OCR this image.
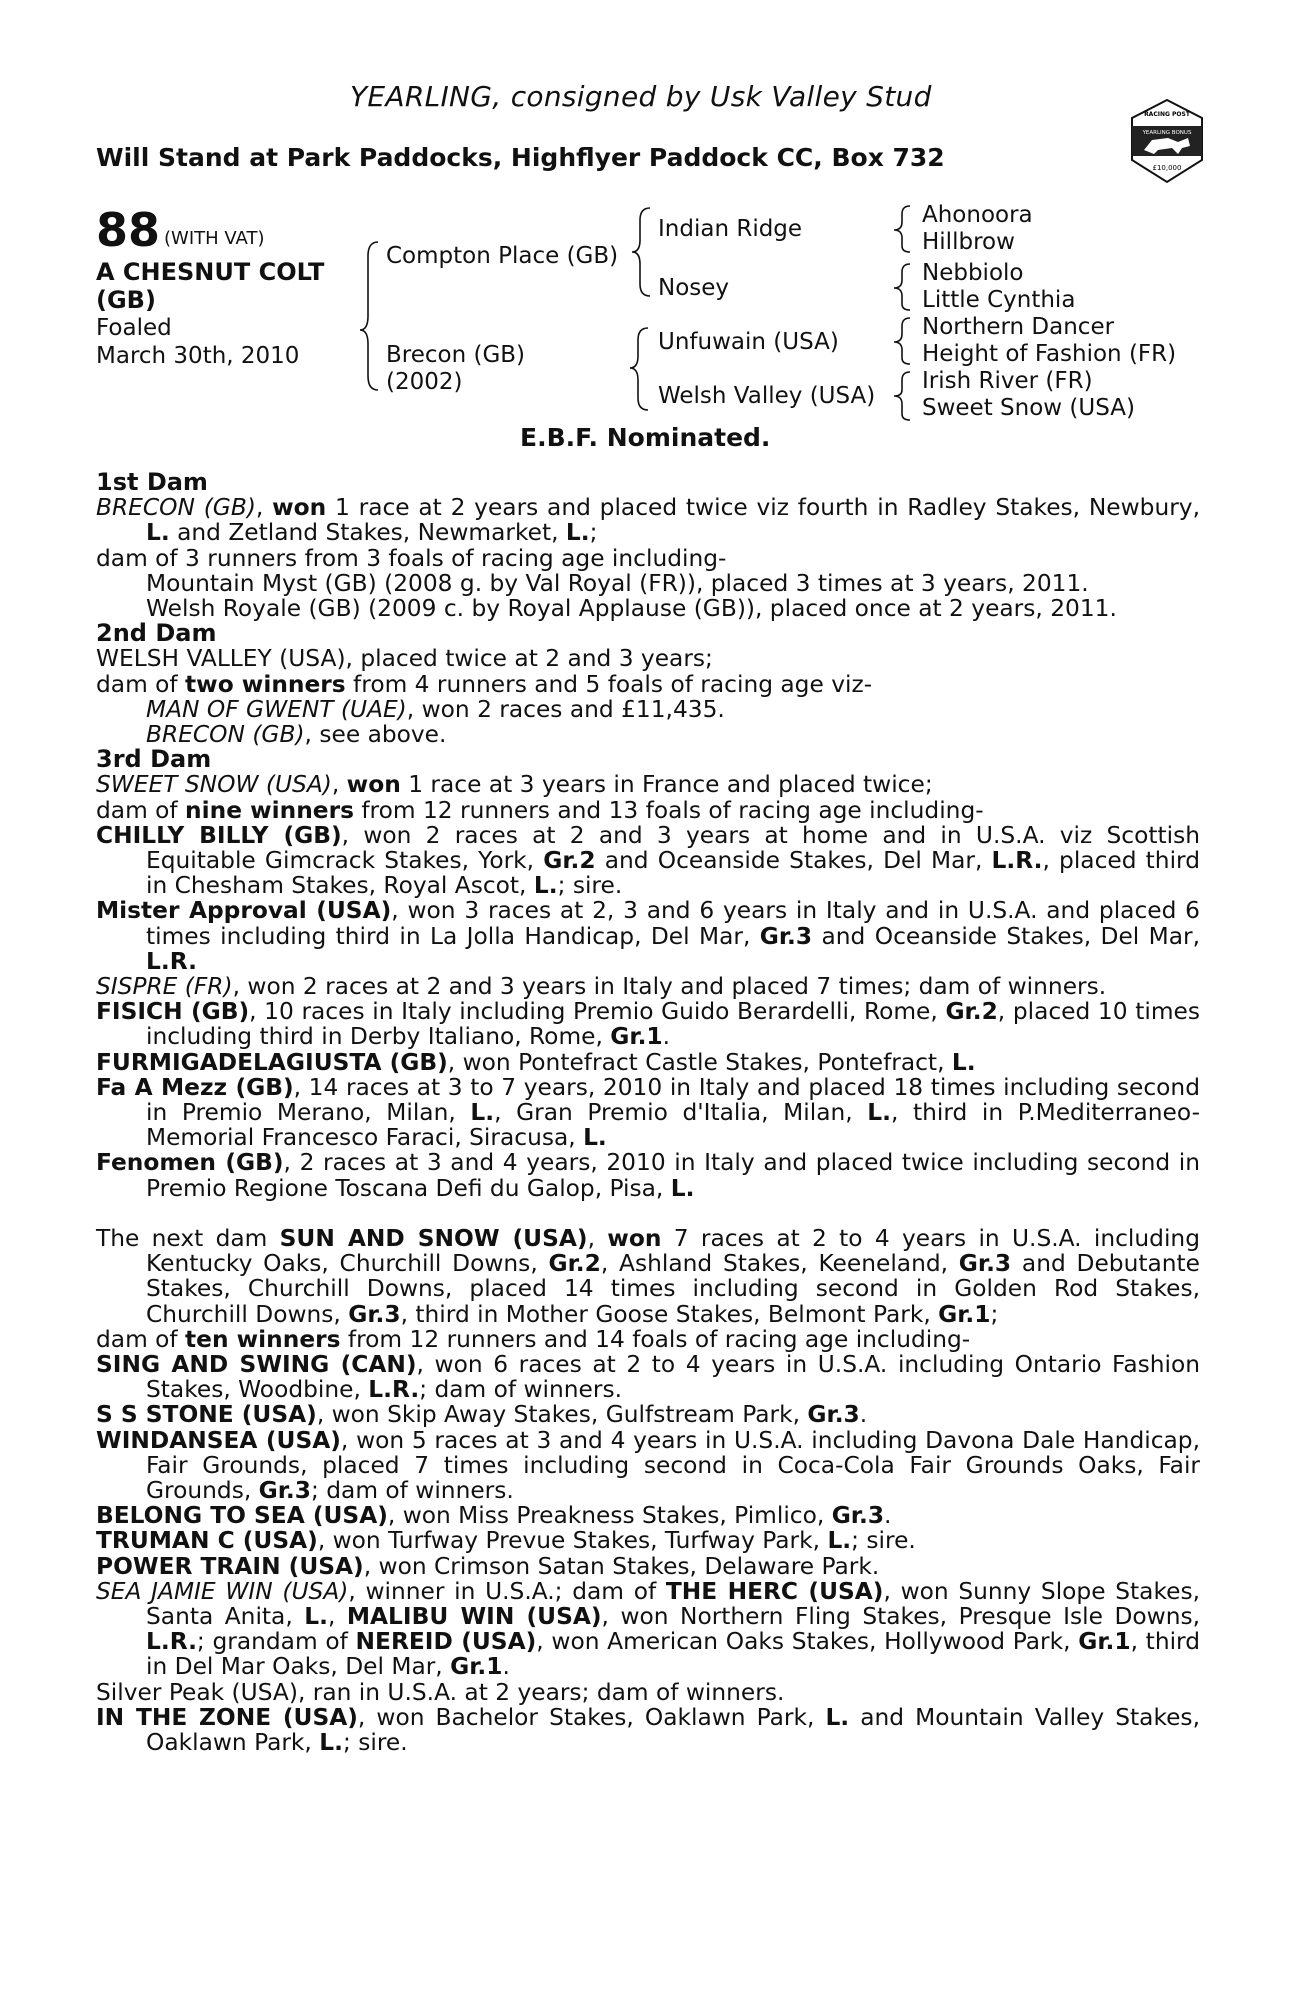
YEARLING, consigned by Usk Valley Stud
Will Stand at Park Paddocks, Highflyer Paddock CC, Box 732
RACING POST
YEARLING BONUS
£10,000
88 (WITH VAT)
A CHESNUT COLT
(GB)
Foaled
March 30th, 2010
Compton Place (GB)
Brecon (GB)
(2002)
Indian Ridge
Nosey
Unfuwain (USA)
Welsh Valley (USA)
Ahonoora
Hillbrow
Nebbiolo
Little Cynthia
Northern Dancer
Height of Fashion (FR)
Irish River (FR)
Sweet Snow (USA)
E.B.F. Nominated.
1st Dam
BRECON (GB), won 1 race at 2 years and placed twice viz fourth in Radley Stakes, Newbury, L. and Zetland Stakes, Newmarket, L.;
dam of 3 runners from 3 foals of racing age including-
Mountain Myst (GB) (2008 g. by Val Royal (FR)), placed 3 times at 3 years, 2011.
Welsh Royale (GB) (2009 c. by Royal Applause (GB)), placed once at 2 years, 2011.
2nd Dam
WELSH VALLEY (USA), placed twice at 2 and 3 years;
dam of two winners from 4 runners and 5 foals of racing age viz-
MAN OF GWENT (UAE), won 2 races and £11,435.
BRECON (GB), see above.
3rd Dam
SWEET SNOW (USA), won 1 race at 3 years in France and placed twice;
dam of nine winners from 12 runners and 13 foals of racing age including-
CHILLY BILLY (GB), won 2 races at 2 and 3 years at home and in U.S.A. viz Scottish Equitable Gimcrack Stakes, York, Gr.2 and Oceanside Stakes, Del Mar, L.R., placed third in Chesham Stakes, Royal Ascot, L.; sire.
Mister Approval (USA), won 3 races at 2, 3 and 6 years in Italy and in U.S.A. and placed 6 times including third in La Jolla Handicap, Del Mar, Gr.3 and Oceanside Stakes, Del Mar, L.R.
SISPRE (FR), won 2 races at 2 and 3 years in Italy and placed 7 times; dam of winners.
FISICH (GB), 10 races in Italy including Premio Guido Berardelli, Rome, Gr.2, placed 10 times including third in Derby Italiano, Rome, Gr.1.
FURMIGADELAGIUSTA (GB), won Pontefract Castle Stakes, Pontefract, L.
Fa A Mezz (GB), 14 races at 3 to 7 years, 2010 in Italy and placed 18 times including second in Premio Merano, Milan, L., Gran Premio d'Italia, Milan, L., third in P.Mediterraneo-Memorial Francesco Faraci, Siracusa, L.
Fenomen (GB), 2 races at 3 and 4 years, 2010 in Italy and placed twice including second in Premio Regione Toscana Defi du Galop, Pisa, L.
The next dam SUN AND SNOW (USA), won 7 races at 2 to 4 years in U.S.A. including Kentucky Oaks, Churchill Downs, Gr.2, Ashland Stakes, Keeneland, Gr.3 and Debutante Stakes, Churchill Downs, placed 14 times including second in Golden Rod Stakes, Churchill Downs, Gr.3, third in Mother Goose Stakes, Belmont Park, Gr.1;
dam of ten winners from 12 runners and 14 foals of racing age including-
SING AND SWING (CAN), won 6 races at 2 to 4 years in U.S.A. including Ontario Fashion Stakes, Woodbine, L.R.; dam of winners.
S S STONE (USA), won Skip Away Stakes, Gulfstream Park, Gr.3.
WINDANSEA (USA), won 5 races at 3 and 4 years in U.S.A. including Davona Dale Handicap, Fair Grounds, placed 7 times including second in Coca-Cola Fair Grounds Oaks, Fair Grounds, Gr.3; dam of winners.
BELONG TO SEA (USA), won Miss Preakness Stakes, Pimlico, Gr.3.
TRUMAN C (USA), won Turfway Prevue Stakes, Turfway Park, L.; sire.
POWER TRAIN (USA), won Crimson Satan Stakes, Delaware Park.
SEA JAMIE WIN (USA), winner in U.S.A.; dam of THE HERC (USA), won Sunny Slope Stakes, Santa Anita, L., MALIBU WIN (USA), won Northern Fling Stakes, Presque Isle Downs, L.R.; grandam of NEREID (USA), won American Oaks Stakes, Hollywood Park, Gr.1, third in Del Mar Oaks, Del Mar, Gr.1.
Silver Peak (USA), ran in U.S.A. at 2 years; dam of winners.
IN THE ZONE (USA), won Bachelor Stakes, Oaklawn Park, L. and Mountain Valley Stakes, Oaklawn Park, L.; sire.
